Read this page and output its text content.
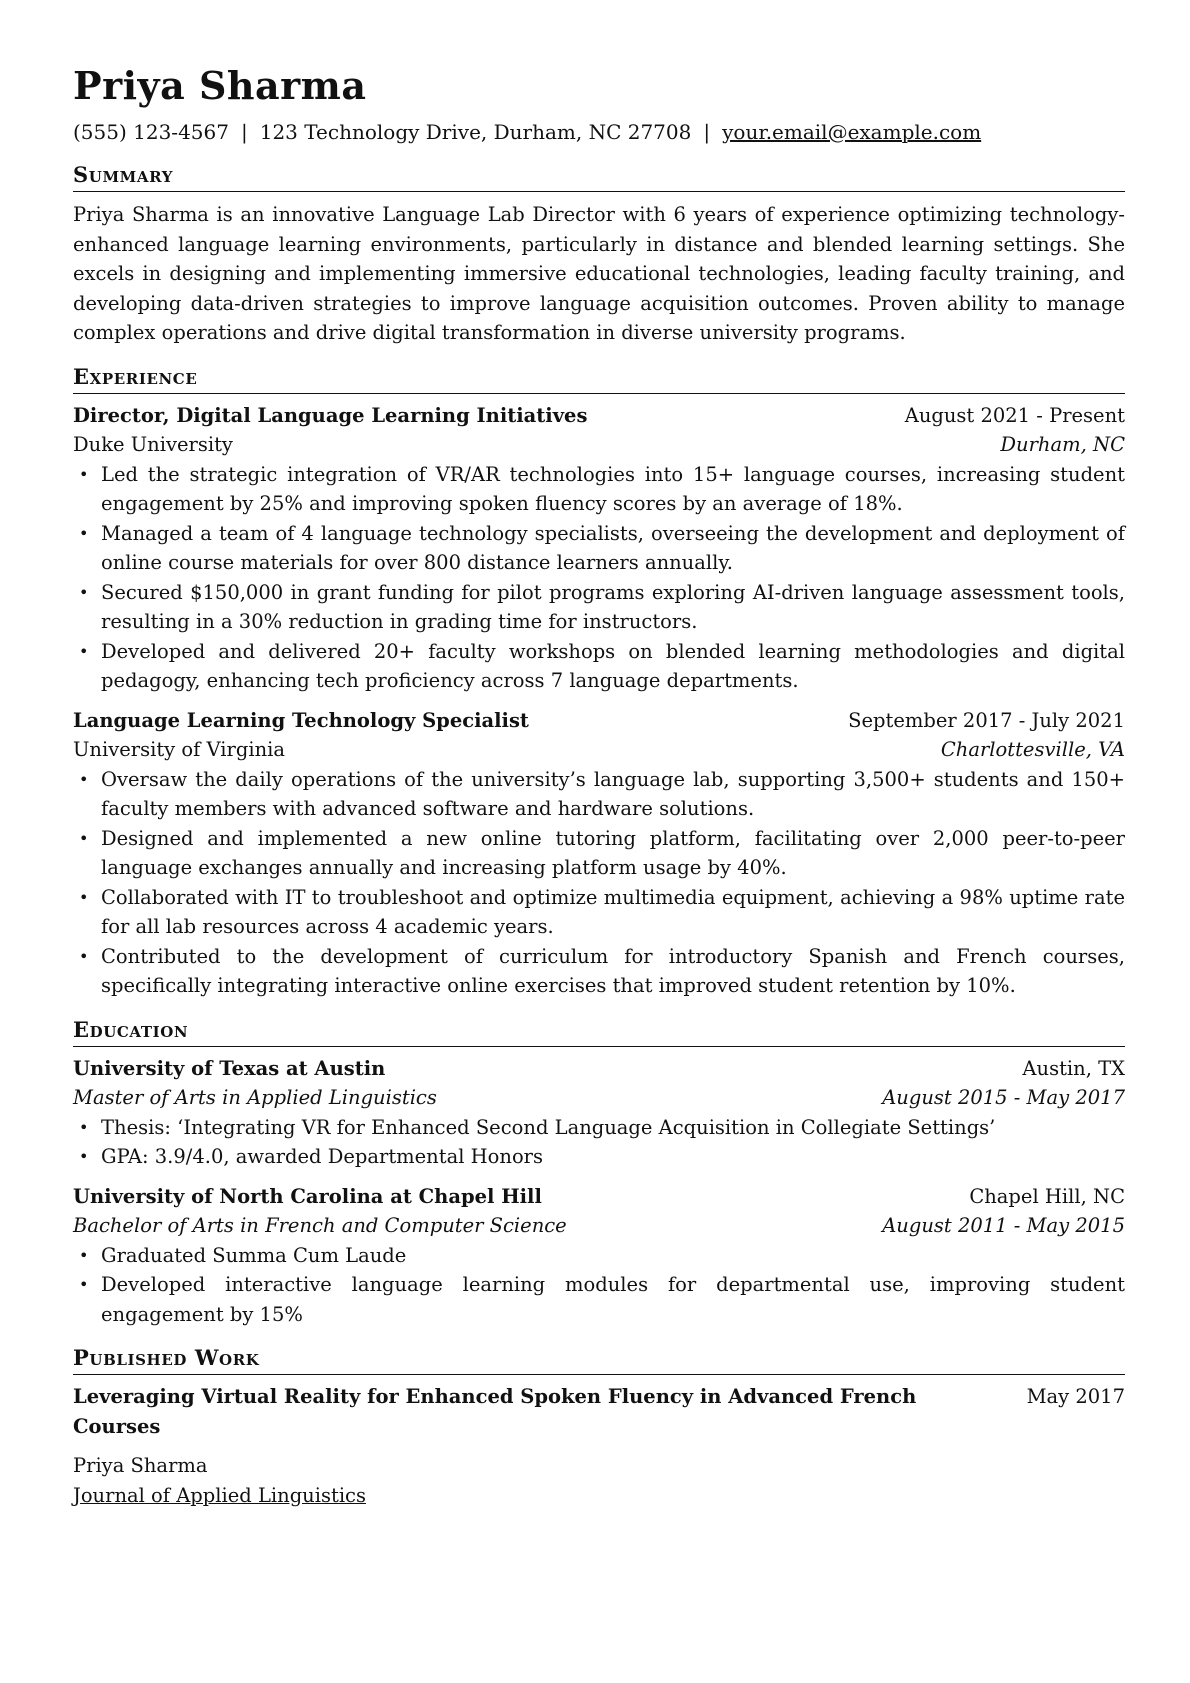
Priya Sharma
(555) 123-4567 | 123 Technology Drive, Durham, NC 27708 | your.email@example.com
Summary
Priya Sharma is an innovative Language Lab Director with 6 years of experience optimizing technology-enhanced language learning environments, particularly in distance and blended learning settings. She excels in designing and implementing immersive educational technologies, leading faculty training, and developing data-driven strategies to improve language acquisition outcomes. Proven ability to manage complex operations and drive digital transformation in diverse university programs.
Experience
Director, Digital Language Learning Initiatives	August 2021 - Present
Duke University	Durham, NC
• Led the strategic integration of VR/AR technologies into 15+ language courses, increasing student engagement by 25% and improving spoken fluency scores by an average of 18%.
• Managed a team of 4 language technology specialists, overseeing the development and deployment of online course materials for over 800 distance learners annually.
• Secured $150,000 in grant funding for pilot programs exploring AI-driven language assessment tools, resulting in a 30% reduction in grading time for instructors.
• Developed and delivered 20+ faculty workshops on blended learning methodologies and digital pedagogy, enhancing tech proficiency across 7 language departments.
Language Learning Technology Specialist	September 2017 - July 2021
University of Virginia	Charlottesville, VA
• Oversaw the daily operations of the university’s language lab, supporting 3,500+ students and 150+ faculty members with advanced software and hardware solutions.
• Designed and implemented a new online tutoring platform, facilitating over 2,000 peer-to-peer language exchanges annually and increasing platform usage by 40%.
• Collaborated with IT to troubleshoot and optimize multimedia equipment, achieving a 98% uptime rate for all lab resources across 4 academic years.
• Contributed to the development of curriculum for introductory Spanish and French courses, specifically integrating interactive online exercises that improved student retention by 10%.
Education
University of Texas at Austin	Austin, TX
Master of Arts in Applied Linguistics	August 2015 - May 2017
• Thesis: ‘Integrating VR for Enhanced Second Language Acquisition in Collegiate Settings’
• GPA: 3.9/4.0, awarded Departmental Honors
University of North Carolina at Chapel Hill	Chapel Hill, NC
Bachelor of Arts in French and Computer Science	August 2011 - May 2015
• Graduated Summa Cum Laude
• Developed interactive language learning modules for departmental use, improving student engagement by 15%
Published Work
Leveraging Virtual Reality for Enhanced Spoken Fluency in Advanced French Courses
May 2017
Priya Sharma
Journal of Applied Linguistics
